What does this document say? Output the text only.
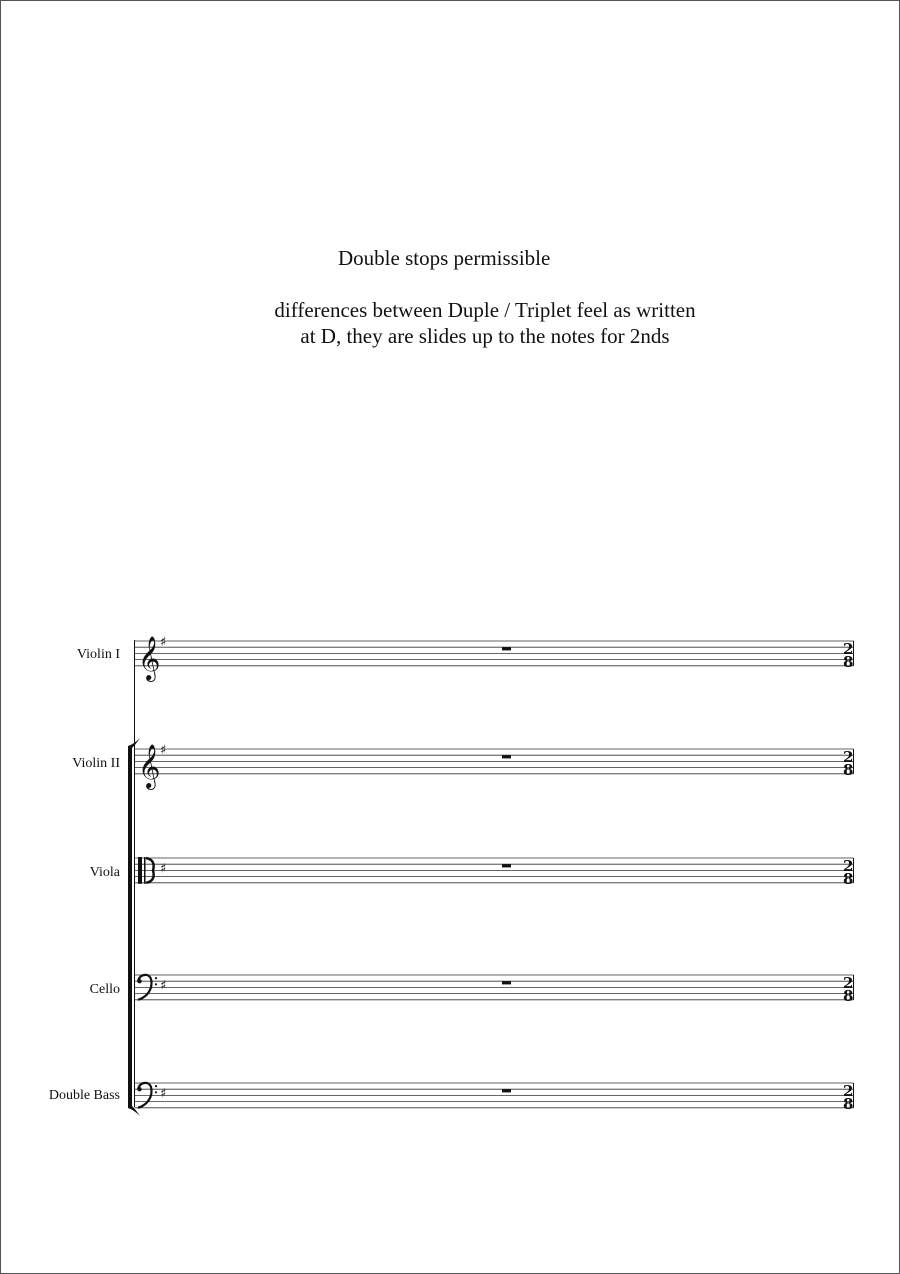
Double stops permissible
differences between Duple / Triplet feel as written
at D, they are slides up to the notes for 2nds
Violin I
Violin II
Viola
Cello
Double Bass
𝄞 ♯	2
8
𝄞 ♯	2
8
♯	2
8
♯	2
8
♯	2
8
